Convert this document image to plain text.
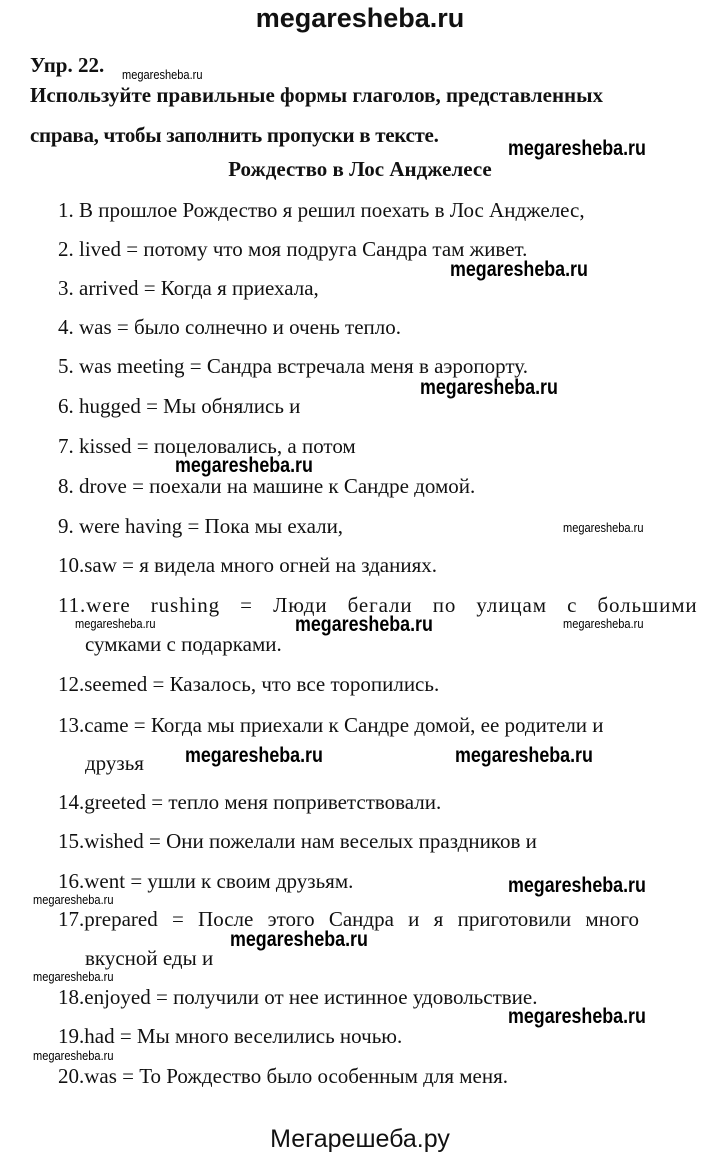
megaresheba.ru
Упр. 22.
Используйте правильные формы глаголов, представленных
справа, чтобы заполнить пропуски в тексте.
Рождество в Лос Анджелесе
1. В прошлое Рождество я решил поехать в Лос Анджелес,
2. lived = потому что моя подруга Сандра там живет.
3. arrived = Когда я приехала,
4. was = было солнечно и очень тепло.
5. was meeting = Сандра встречала меня в аэропорту.
6. hugged = Мы обнялись и
7. kissed = поцеловались, а потом
8. drove = поехали на машине к Сандре домой.
9. were having = Пока мы ехали,
10.saw = я видела много огней на зданиях.
11.were rushing = Люди бегали по улицам с большими
сумками с подарками.
12.seemed = Казалось, что все торопились.
13.came = Когда мы приехали к Сандре домой, ее родители и
друзья
14.greeted = тепло меня поприветствовали.
15.wished = Они пожелали нам веселых праздников и
16.went = ушли к своим друзьям.
17.prepared = После этого Сандра и я приготовили много
вкусной еды и
18.enjoyed = получили от нее истинное удовольствие.
19.had = Мы много веселились ночью.
20.was = То Рождество было особенным для меня.
megaresheba.ru
megaresheba.ru
megaresheba.ru
megaresheba.ru
megaresheba.ru
megaresheba.ru
megaresheba.ru	megaresheba.ru	megaresheba.ru
megaresheba.ru	megaresheba.ru
megaresheba.ru
megaresheba.ru
megaresheba.ru
megaresheba.ru
megaresheba.ru
megaresheba.ru
Мегарешеба.ру
